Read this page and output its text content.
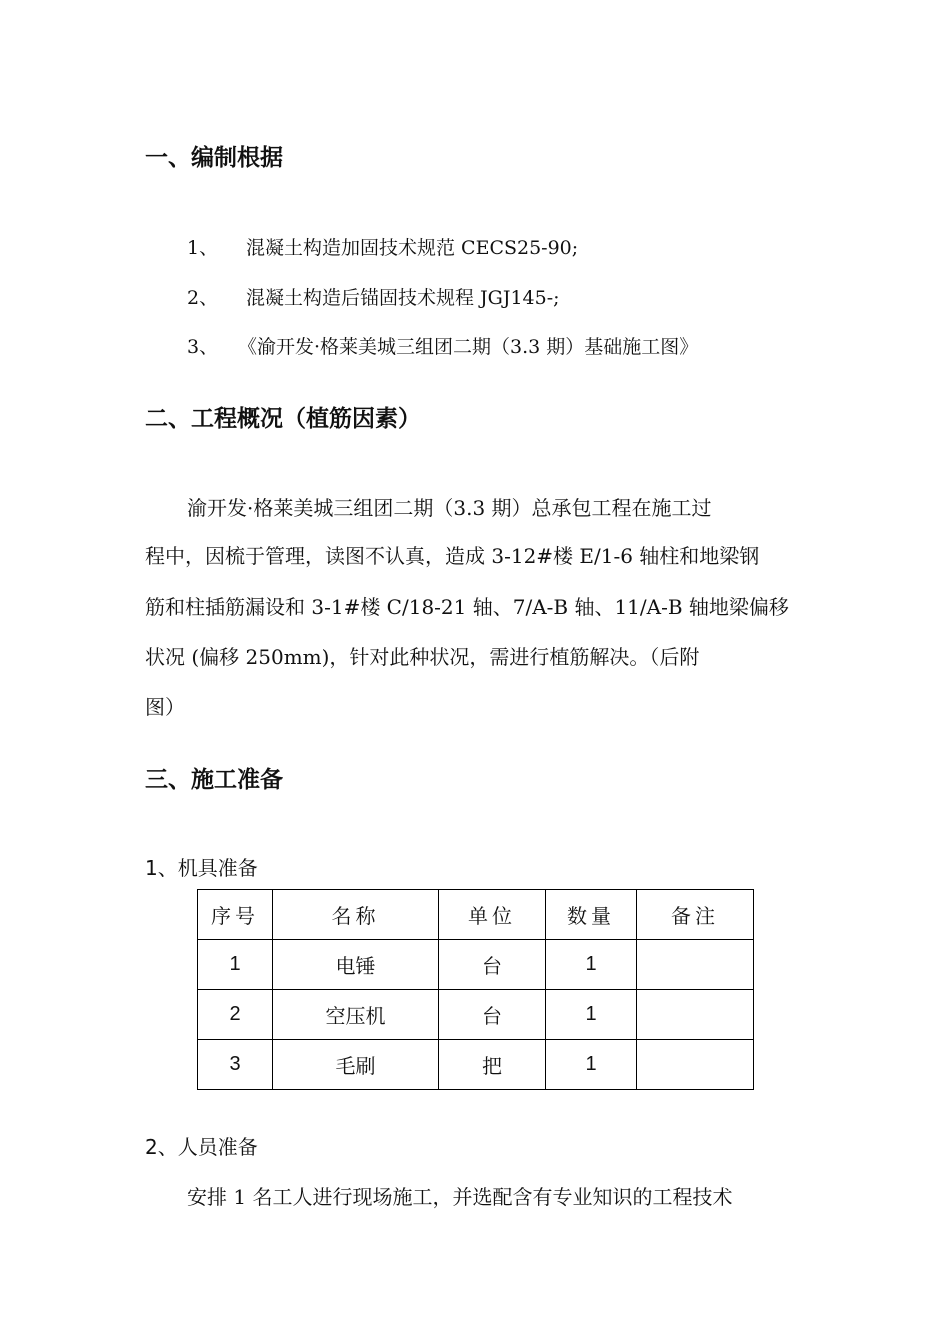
一、编制根据
1、 混凝土构造加固技术规范 CECS25-90;
2、 混凝土构造后锚固技术规程 JGJ145-;
3、 《渝开发·格莱美城三组团二期（3.3 期）基础施工图》
二、工程概况（植筋因素）
渝开发·格莱美城三组团二期（3.3 期）总承包工程在施工过
程中，因梳于管理，读图不认真，造成 3-12#楼 E/1-6 轴柱和地梁钢
筋和柱插筋漏设和 3-1#楼 C/18-21 轴、7/A-B 轴、11/A-B 轴地梁偏移
状况 (偏移 250mm)，针对此种状况，需进行植筋解决。（后附
图）
三、施工准备
1、机具准备
序号	名称	单位	数量	备注
1	电锤	台	1	
2	空压机	台	1	
3	毛刷	把	1	
2、人员准备
安排 1 名工人进行现场施工，并选配含有专业知识的工程技术
